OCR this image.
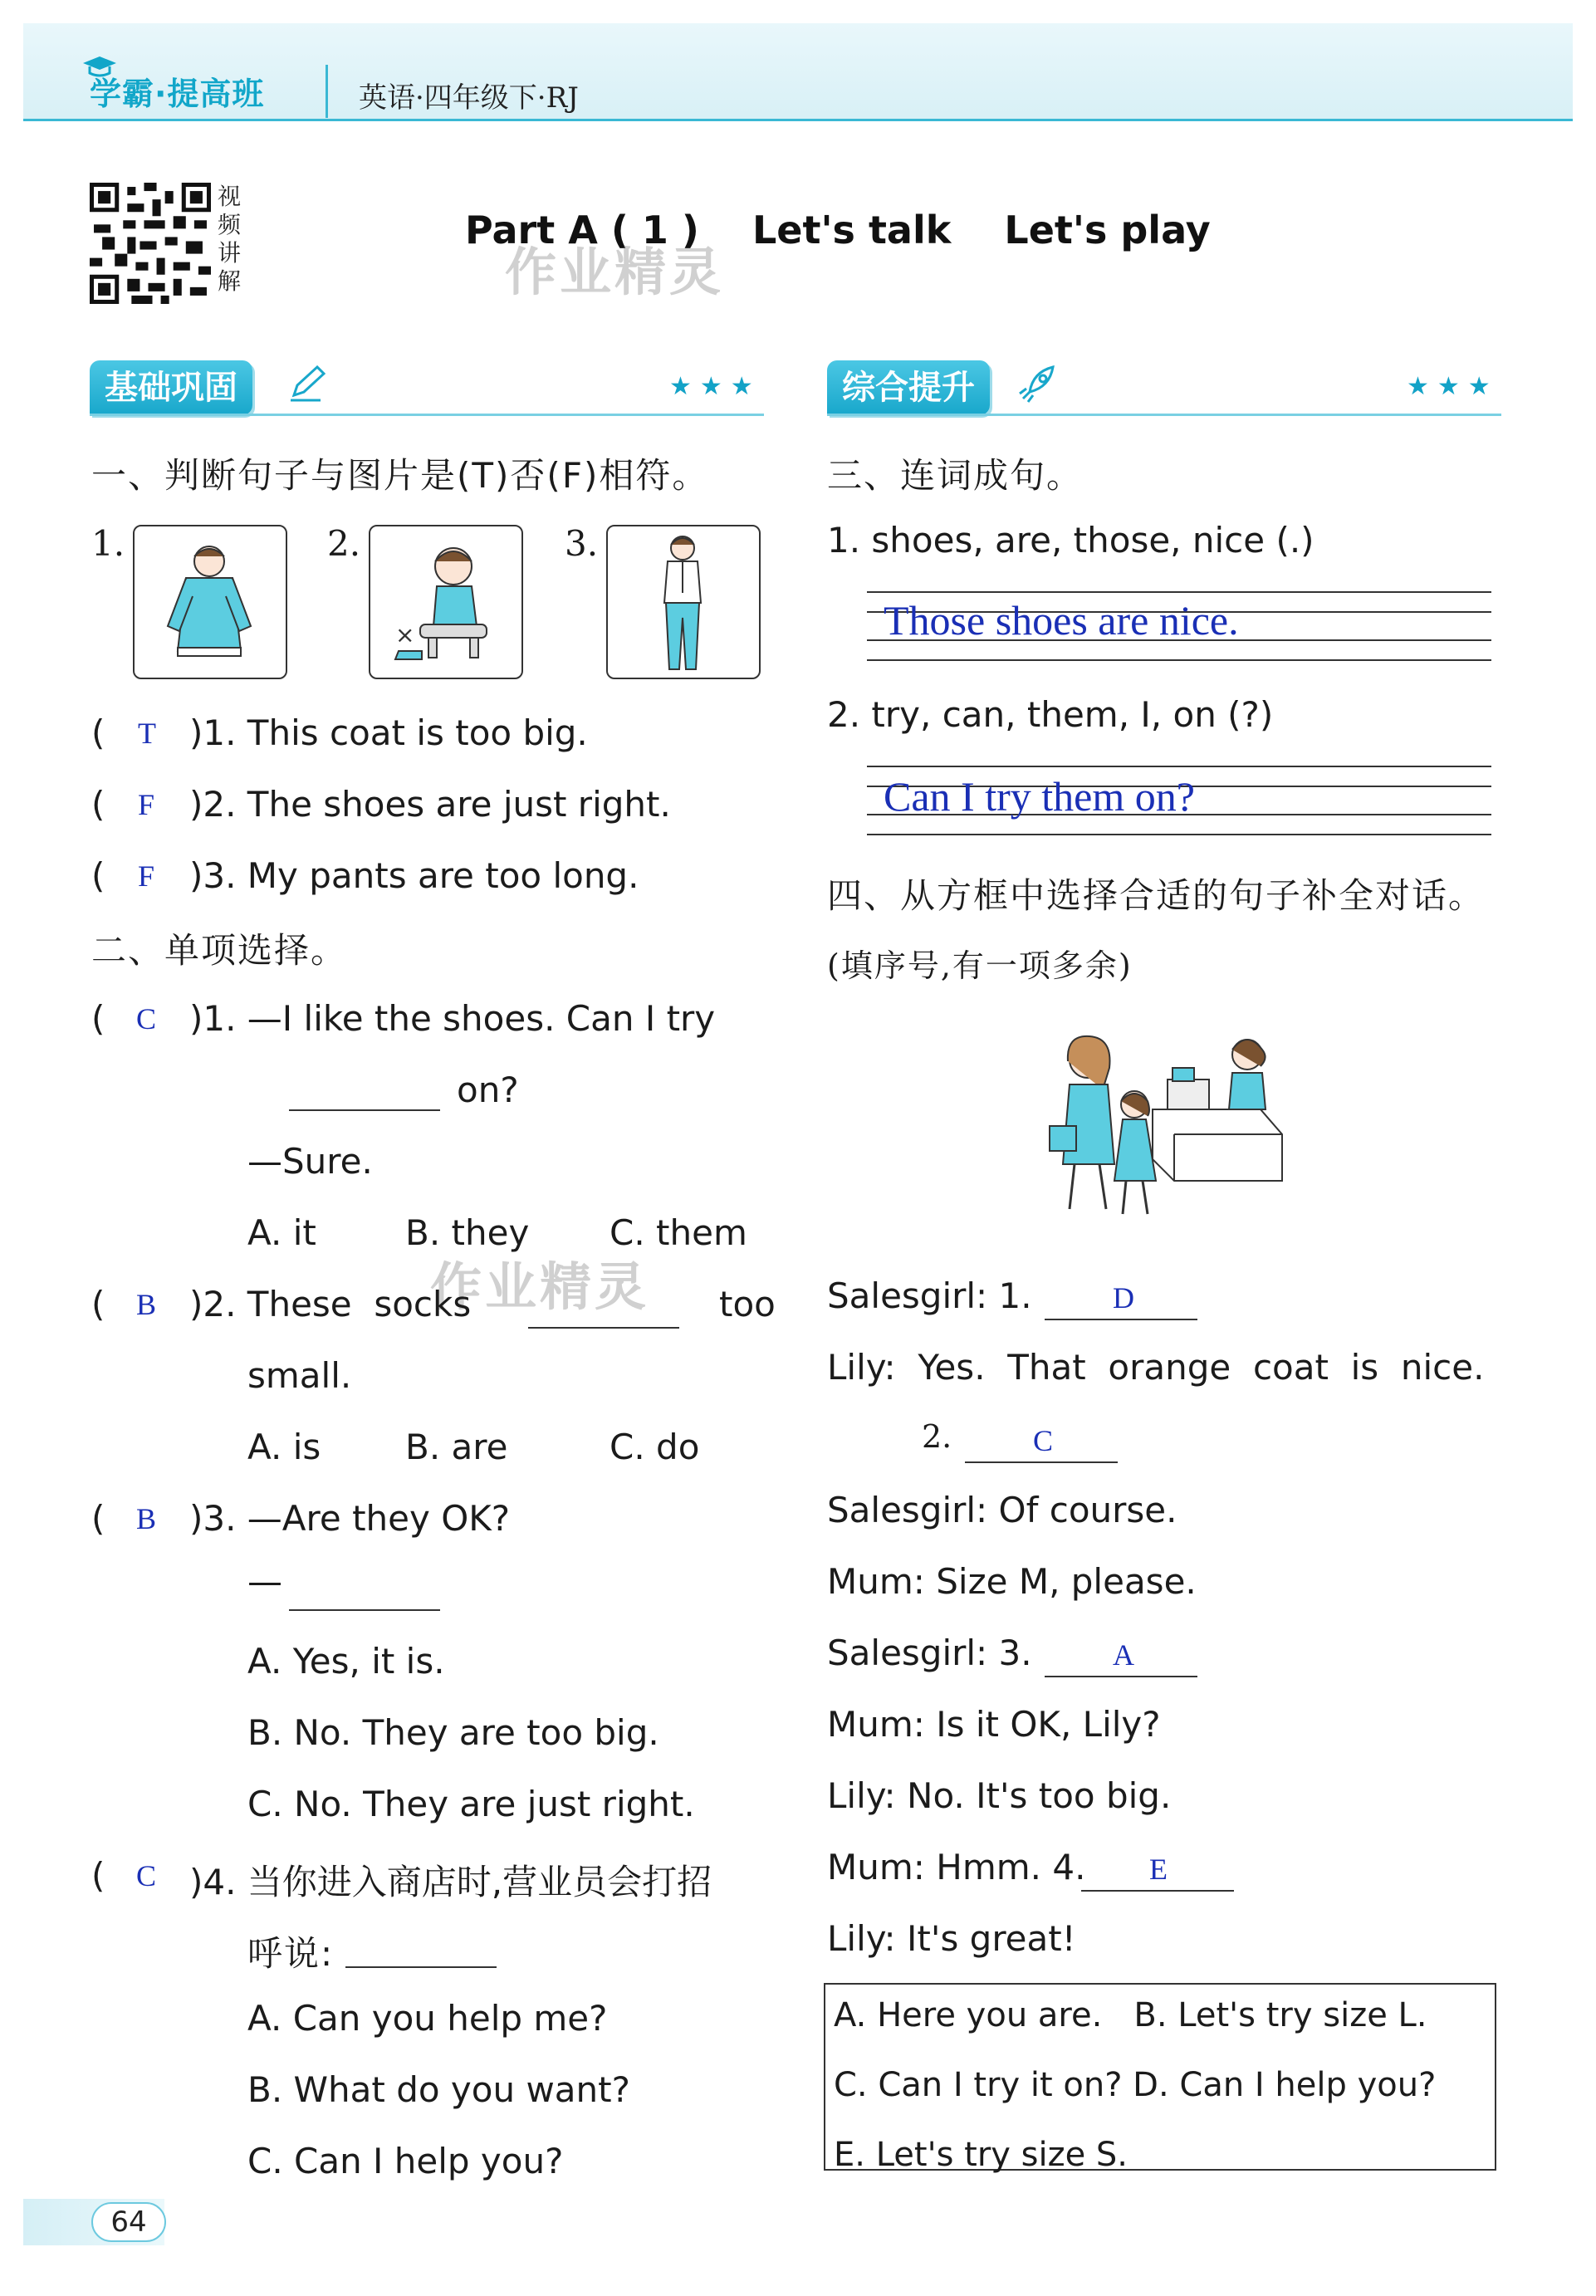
学霸·提高班	英语·四年级下·RJ
视
频
讲
解
Part A ( 1 )    Let's talk    Let's play
作业精灵
基础巩固	★★★
一、判断句子与图片是(T)否(F)相符。
1.	2.
×
3.
( T )1. This coat is too big.
( F )2. The shoes are just right.
( F )3. My pants are too long.
二、单项选择。
( C )1. —I like the shoes. Can I try
on?
—Sure.
A. it	B. they C. them
作业精灵
( B )2. These  socks	too
small.
A. is B. are	C. do
( B )3. —Are they OK?
—
A. Yes, it is.
B. No. They are too big.
C. No. They are just right.
( C )4. 当你进入商店时,营业员会打招
呼说:
A. Can you help me?
B. What do you want?
C. Can I help you?
综合提升	★★★
三、连词成句。
1. shoes, are, those, nice (.)
Those shoes are nice.
2. try, can, them, I, on (?)
Can I try them on?
四、从方框中选择合适的句子补全对话。
(填序号,有一项多余)
Salesgirl: 1.	D
Lily:  Yes.  That  orange  coat  is  nice.
2.	C
Salesgirl: Of course.
Mum: Size M, please.
Salesgirl: 3.	A
Mum: Is it OK, Lily?
Lily: No. It's too big.
Mum: Hmm. 4. E
Lily: It's great!
A. Here you are.   B. Let's try size L.
C. Can I try it on? D. Can I help you?
E. Let's try size S.
64
